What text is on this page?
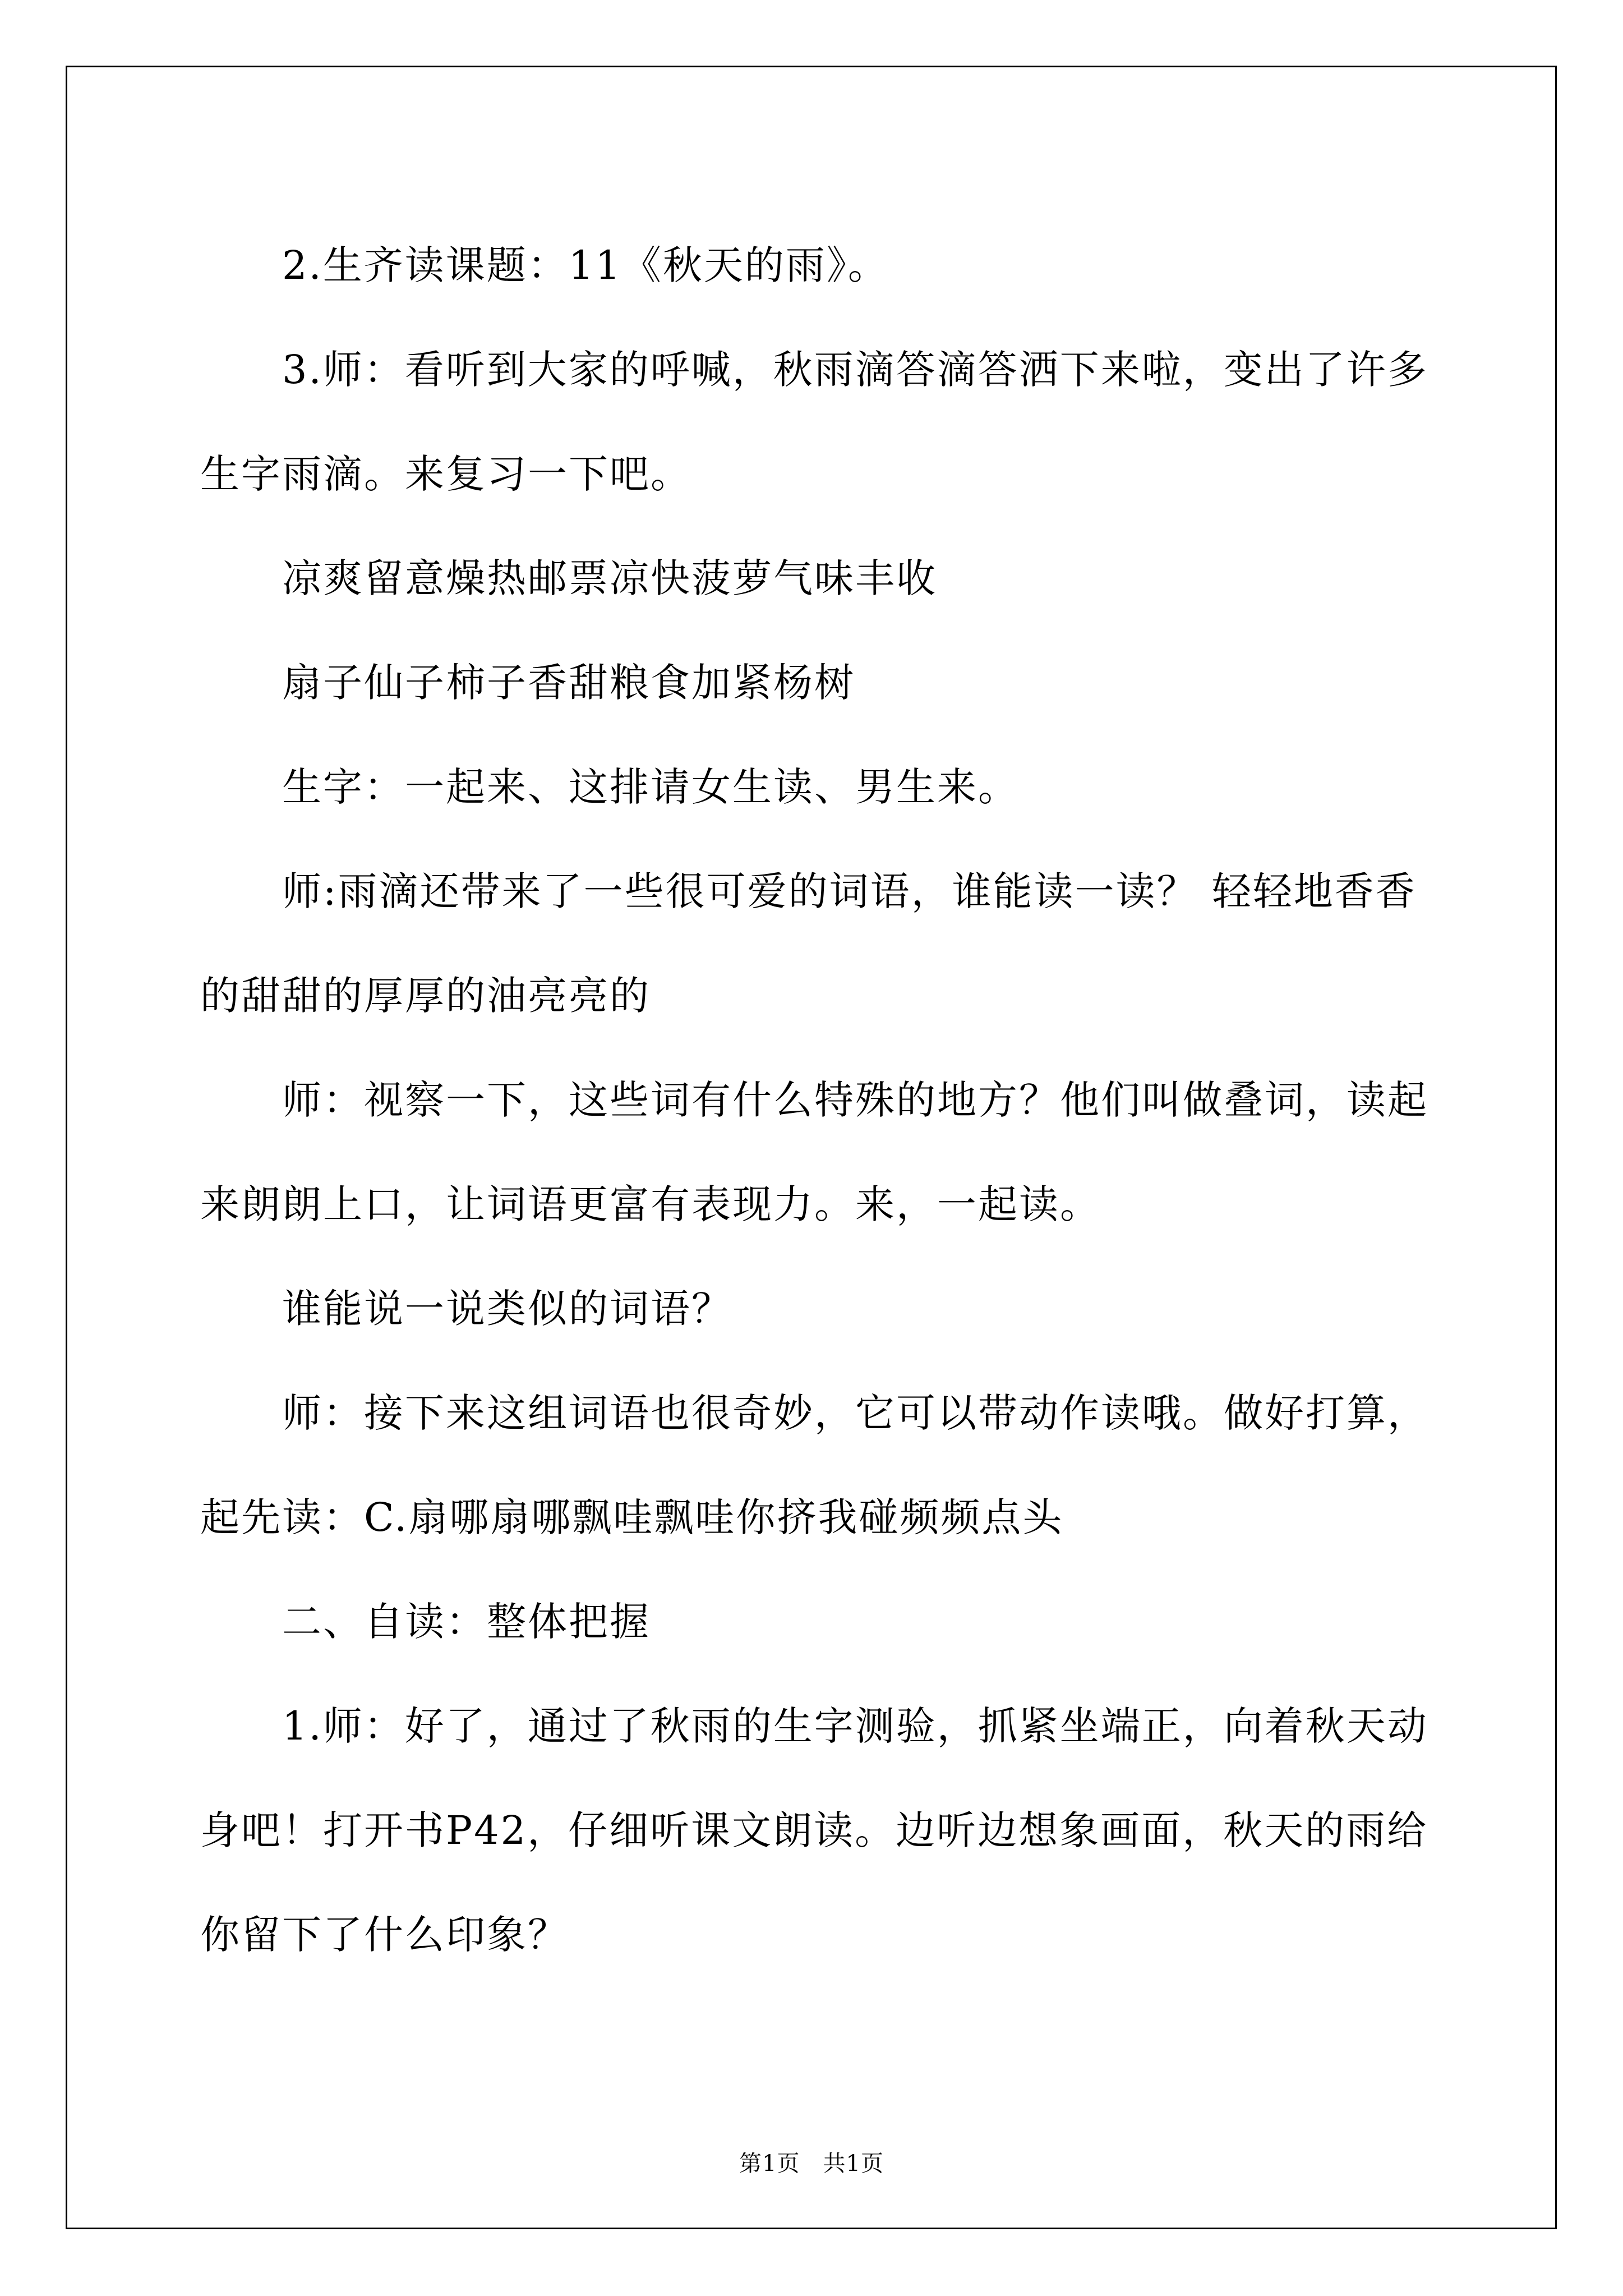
2.生齐读课题：11《秋天的雨》。

3.师：看听到大家的呼喊，秋雨滴答滴答洒下来啦，变出了许多生字雨滴。来复习一下吧。

凉爽留意燥热邮票凉快菠萝气味丰收

扇子仙子柿子香甜粮食加紧杨树

生字：一起来、这排请女生读、男生来。

师:雨滴还带来了一些很可爱的词语，谁能读一读？ 轻轻地香香的甜甜的厚厚的油亮亮的

师：视察一下，这些词有什么特殊的地方？他们叫做叠词，读起来朗朗上口，让词语更富有表现力。来，一起读。

谁能说一说类似的词语？

师：接下来这组词语也很奇妙，它可以带动作读哦。做好打算，起先读：C.扇哪扇哪飘哇飘哇你挤我碰频频点头

二、自读：整体把握

1.师：好了，通过了秋雨的生字测验，抓紧坐端正，向着秋天动身吧！打开书P42，仔细听课文朗读。边听边想象画面，秋天的雨给你留下了什么印象？

第1页　共1页
